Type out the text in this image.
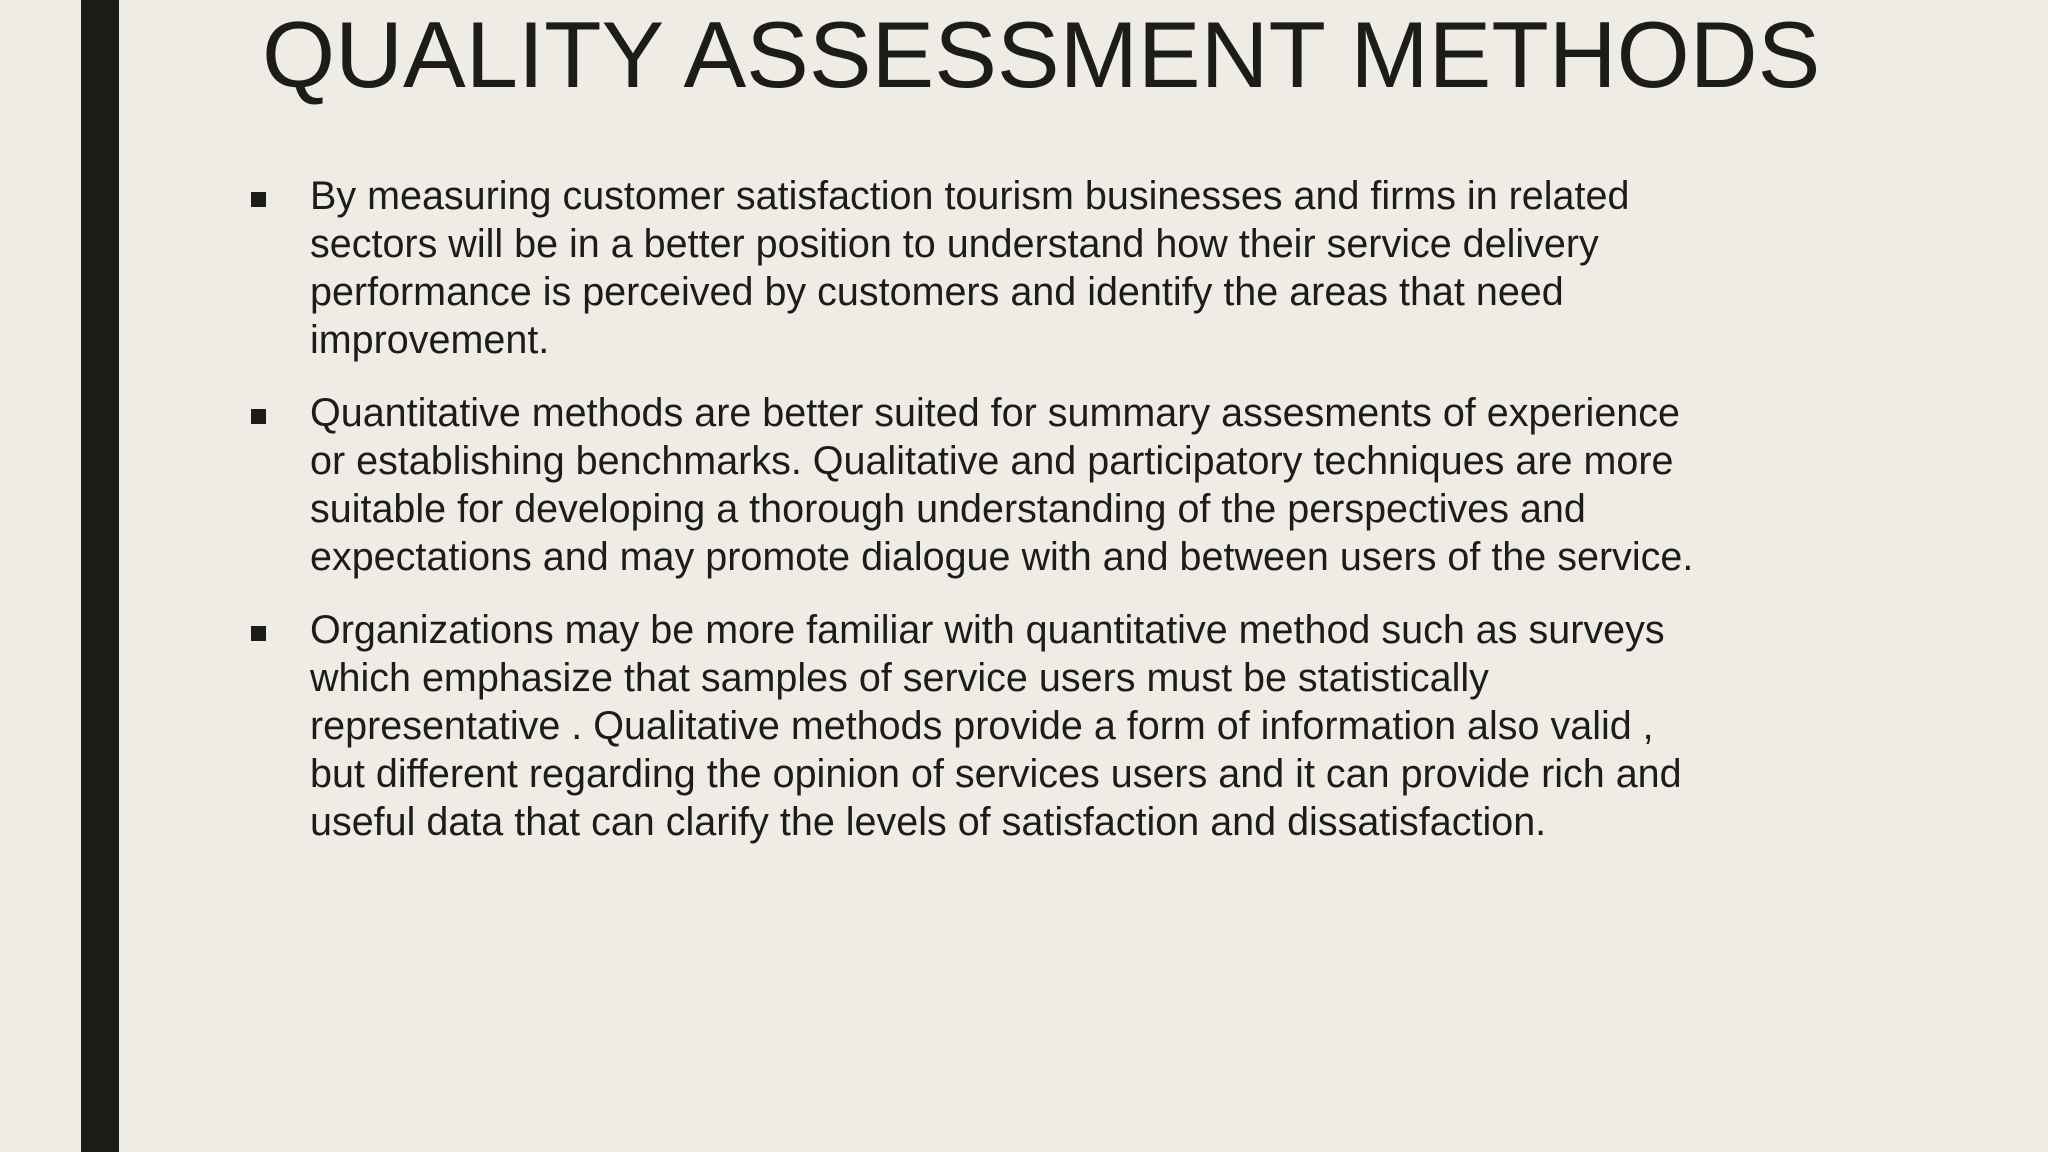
QUALITY ASSESSMENT METHODS
By measuring customer satisfaction tourism businesses and firms in related
sectors will be in a better position to understand how their service delivery
performance is perceived by customers and identify the areas that need
improvement.
Quantitative methods are better suited for summary assesments of experience
or establishing benchmarks. Qualitative and participatory techniques are more
suitable for developing a thorough understanding of the perspectives and
expectations and may promote dialogue with and between users of the service.
Organizations may be more familiar with quantitative method such as surveys
which emphasize that samples of service users must be statistically
representative . Qualitative methods provide a form of information also valid ,
but different regarding the opinion of services users and it can provide rich and
useful data that can clarify the levels of satisfaction and dissatisfaction.
